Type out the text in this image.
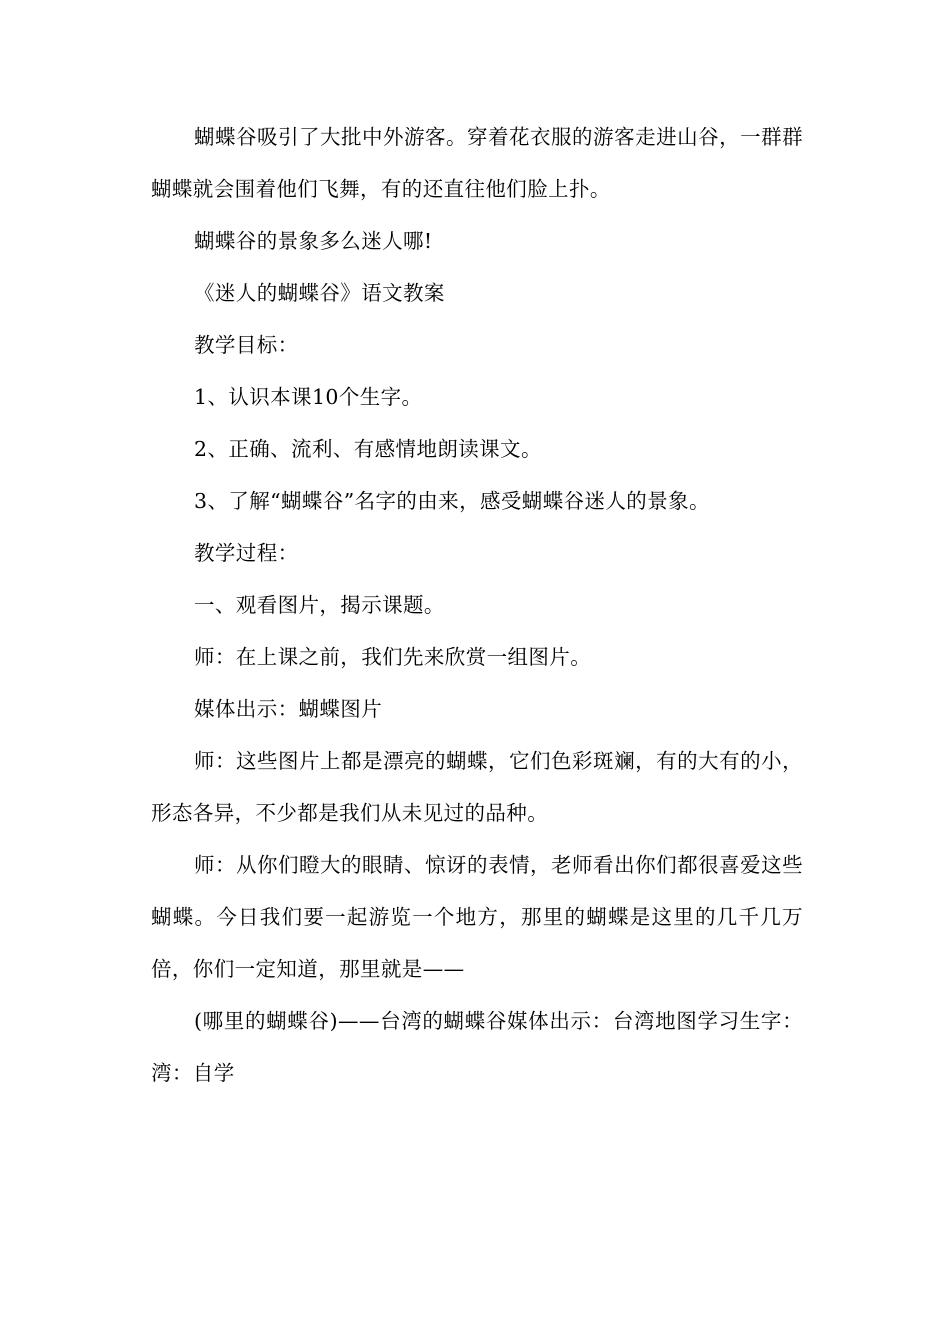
蝴蝶谷吸引了大批中外游客。穿着花衣服的游客走进山谷，一群群蝴蝶就会围着他们飞舞，有的还直往他们脸上扑。

蝴蝶谷的景象多么迷人哪!

《迷人的蝴蝶谷》语文教案

教学目标：

1、认识本课10个生字。

2、正确、流利、有感情地朗读课文。

3、了解“蝴蝶谷”名字的由来，感受蝴蝶谷迷人的景象。

教学过程：

一、观看图片，揭示课题。

师：在上课之前，我们先来欣赏一组图片。

媒体出示：蝴蝶图片

师：这些图片上都是漂亮的蝴蝶，它们色彩斑斓，有的大有的小，形态各异，不少都是我们从未见过的品种。

师：从你们瞪大的眼睛、惊讶的表情，老师看出你们都很喜爱这些蝴蝶。今日我们要一起游览一个地方，那里的蝴蝶是这里的几千几万倍，你们一定知道，那里就是——

(哪里的蝴蝶谷)——台湾的蝴蝶谷媒体出示：台湾地图学习生字：湾：自学
